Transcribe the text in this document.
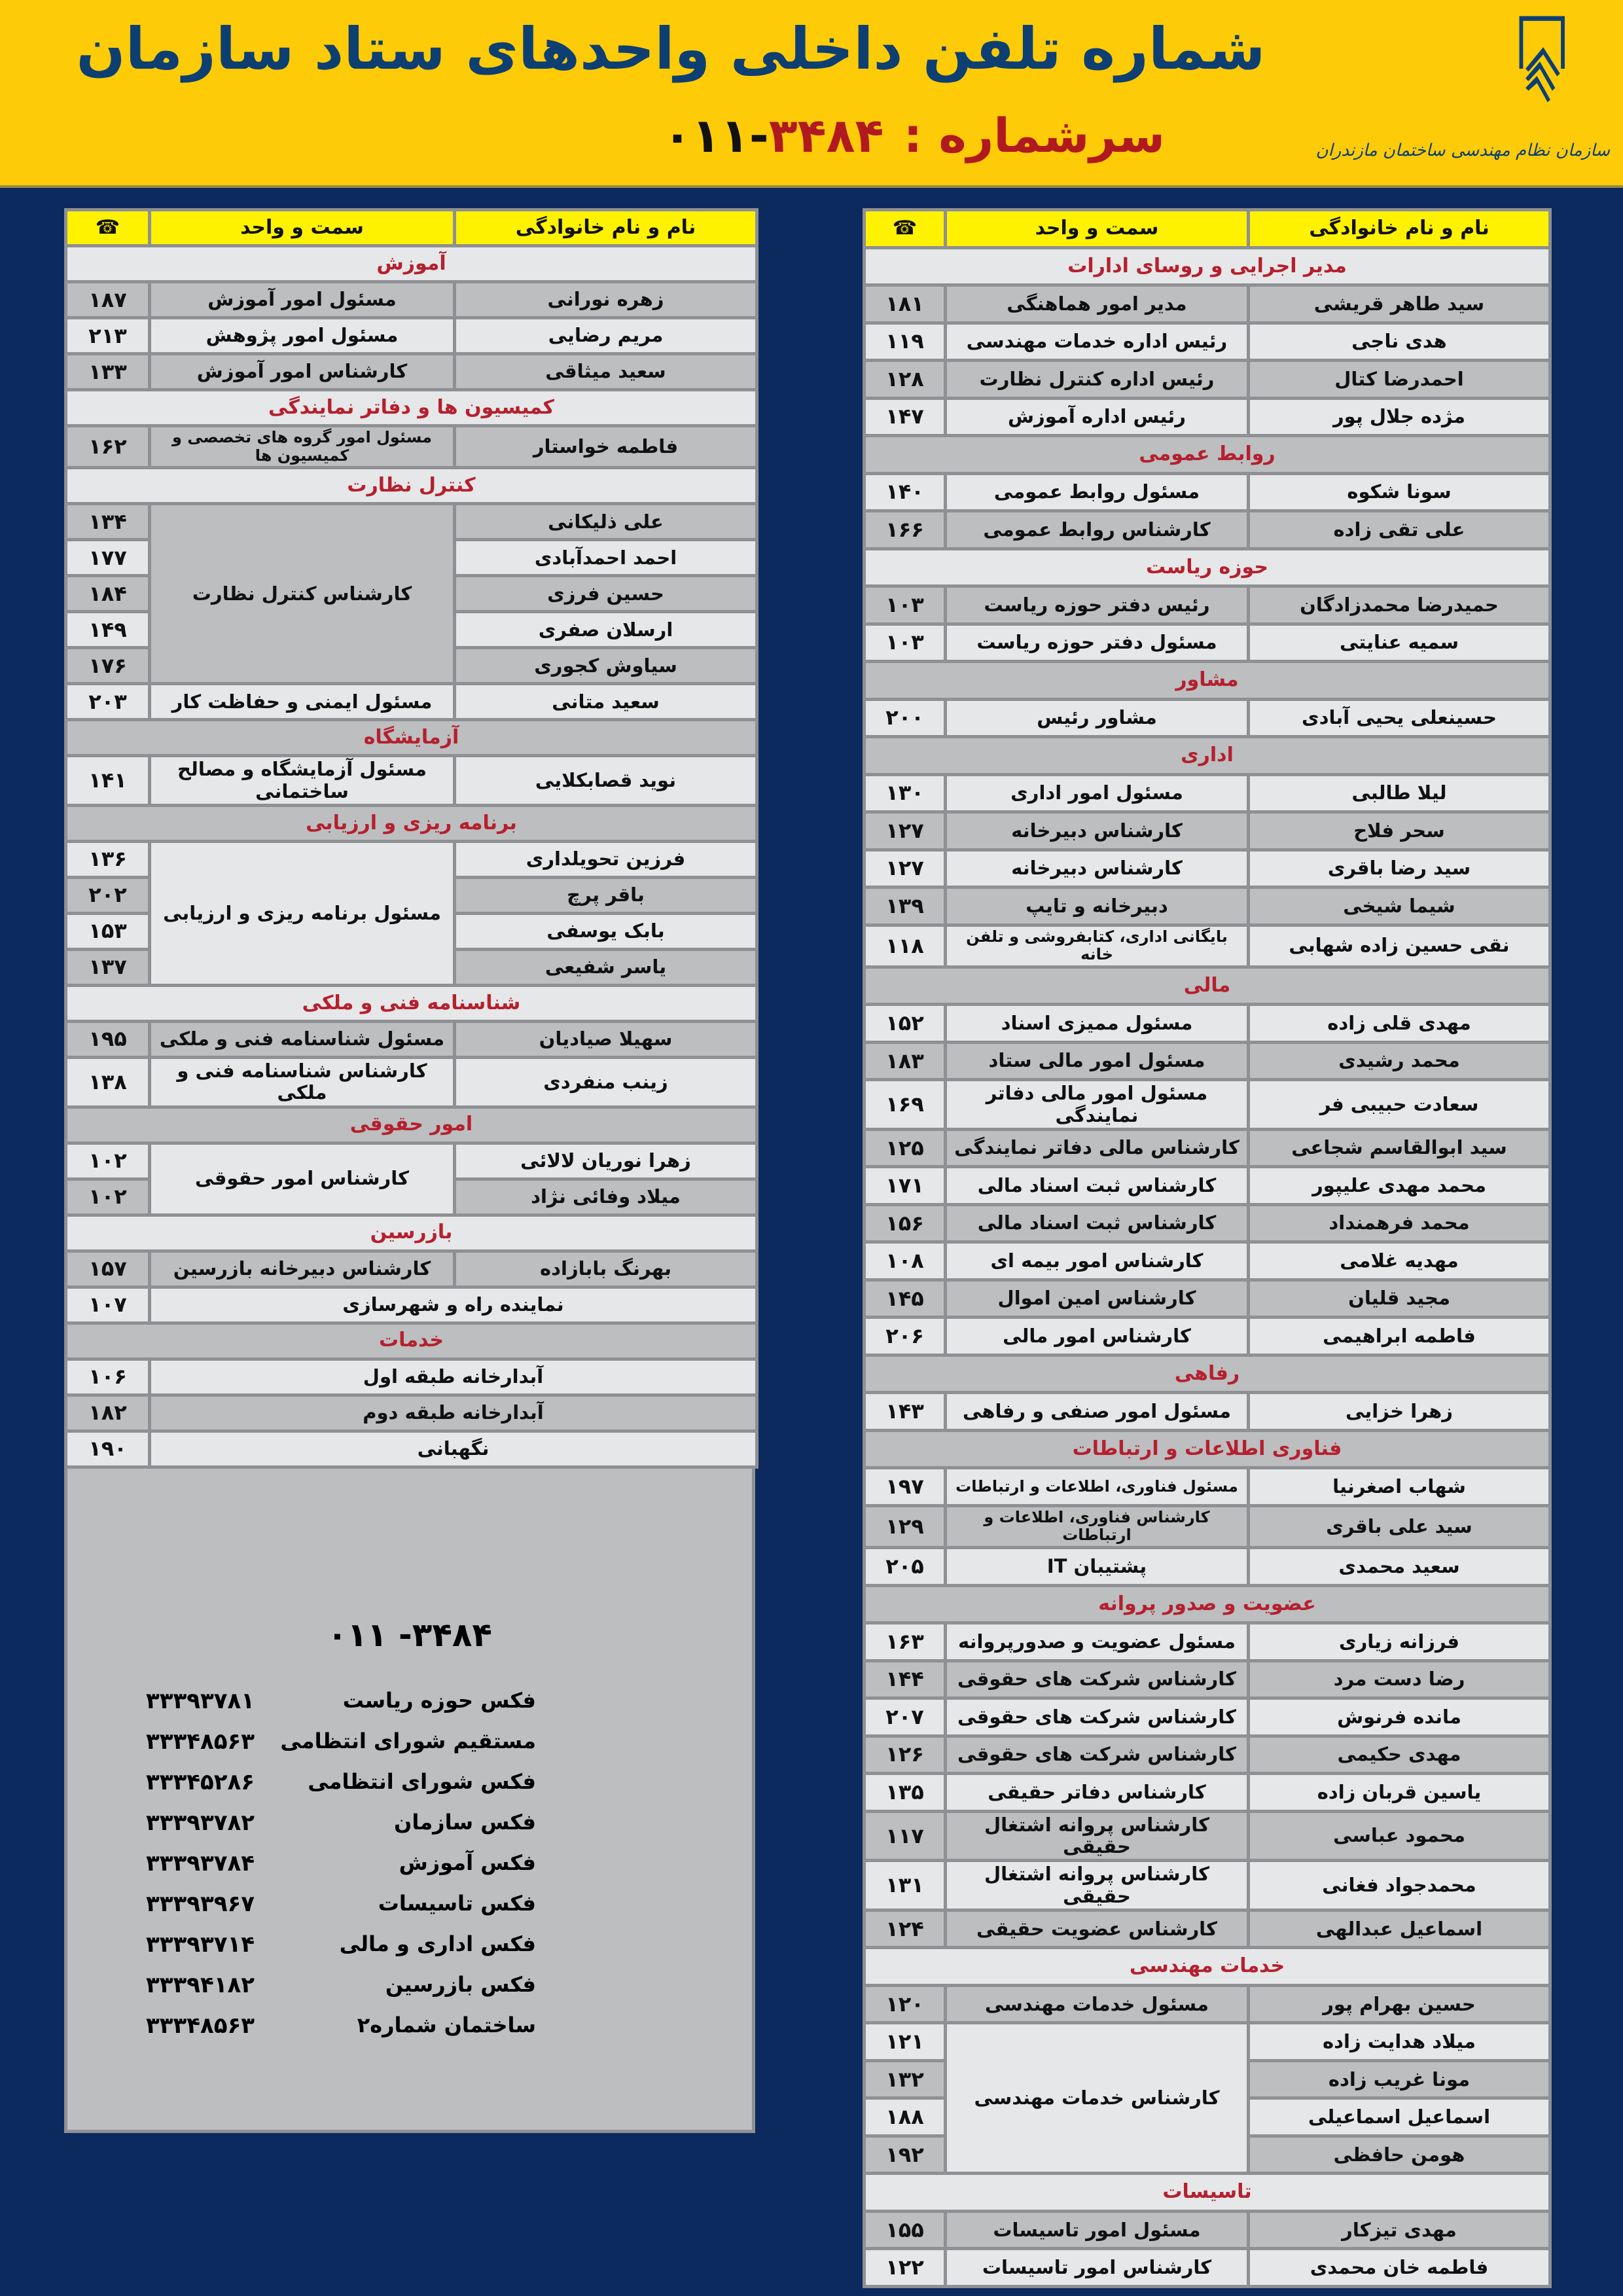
سازمان نظام مهندسی ساختمان مازندران
شماره تلفن داخلی واحدهای ستاد سازمان
سرشماره :
۰۱۱-۳۴۸۴
نام و نام خانوادگی	سمت و واحد	☎
مدیر اجرایی و روسای ادارات
سید طاهر قریشی	مدیر امور هماهنگی	۱۸۱
هدی ناجی	رئیس اداره خدمات مهندسی	۱۱۹
احمدرضا کتال	رئیس اداره کنترل نظارت	۱۲۸
مژده جلال پور	رئیس اداره آموزش	۱۴۷
روابط عمومی
سونا شکوه	مسئول روابط عمومی	۱۴۰
علی تقی زاده	کارشناس روابط عمومی	۱۶۶
حوزه ریاست
حمیدرضا محمدزادگان	رئیس دفتر حوزه ریاست	۱۰۳
سمیه عنایتی	مسئول دفتر حوزه ریاست	۱۰۳
مشاور
حسینعلی یحیی آبادی	مشاور رئیس	۲۰۰
اداری
لیلا طالبی	مسئول امور اداری	۱۳۰
سحر فلاح	کارشناس دبیرخانه	۱۲۷
سید رضا باقری	کارشناس دبیرخانه	۱۲۷
شیما شیخی	دبیرخانه و تایپ	۱۳۹
نقی حسین زاده شهابی	بایگانی اداری، کتابفروشی و تلفن خانه	۱۱۸
مالی
مهدی قلی زاده	مسئول ممیزی اسناد	۱۵۲
محمد رشیدی	مسئول امور مالی ستاد	۱۸۳
سعادت حبیبی فر	مسئول امور مالی دفاتر نمایندگی	۱۶۹
سید ابوالقاسم شجاعی	کارشناس مالی دفاتر نمایندگی	۱۲۵
محمد مهدی علیپور	کارشناس ثبت اسناد مالی	۱۷۱
محمد فرهمنداد	کارشناس ثبت اسناد مالی	۱۵۶
مهدیه غلامی	کارشناس امور بیمه ای	۱۰۸
مجید قلیان	کارشناس امین اموال	۱۴۵
فاطمه ابراهیمی	کارشناس امور مالی	۲۰۶
رفاهی
زهرا خزایی	مسئول امور صنفی و رفاهی	۱۴۳
فناوری اطلاعات و ارتباطات
شهاب اصغرنیا	مسئول فناوری، اطلاعات و ارتباطات	۱۹۷
سید علی باقری	کارشناس فناوری، اطلاعات و ارتباطات	۱۲۹
سعید محمدی	پشتیبان IT	۲۰۵
عضویت و صدور پروانه
فرزانه زیاری	مسئول عضویت و صدورپروانه	۱۶۳
رضا دست مرد	کارشناس شرکت های حقوقی	۱۴۴
مانده فرنوش	کارشناس شرکت های حقوقی	۲۰۷
مهدی حکیمی	کارشناس شرکت های حقوقی	۱۲۶
یاسین قربان زاده	کارشناس دفاتر حقیقی	۱۳۵
محمود عباسی	کارشناس پروانه اشتغال حقیقی	۱۱۷
محمدجواد فغانی	کارشناس پروانه اشتغال حقیقی	۱۳۱
اسماعیل عبدالهی	کارشناس عضویت حقیقی	۱۲۴
خدمات مهندسی
حسین بهرام پور	مسئول خدمات مهندسی	۱۲۰
میلاد هدایت زاده	کارشناس خدمات مهندسی	۱۲۱
مونا غریب زاده	۱۳۲
اسماعیل اسماعیلی	۱۸۸
هومن حافظی	۱۹۲
تاسیسات
مهدی تیزکار	مسئول امور تاسیسات	۱۵۵
فاطمه خان محمدی	کارشناس امور تاسیسات	۱۲۲
نام و نام خانوادگی	سمت و واحد	☎
آموزش
زهره نورانی	مسئول امور آموزش	۱۸۷
مریم رضایی	مسئول امور پژوهش	۲۱۳
سعید میثاقی	کارشناس امور آموزش	۱۳۳
کمیسیون ها و دفاتر نمایندگی
فاطمه خواستار	مسئول امور گروه های تخصصی و کمیسیون ها	۱۶۲
کنترل نظارت
علی ذلیکانی	کارشناس کنترل نظارت	۱۳۴
احمد احمدآبادی	۱۷۷
حسین فرزی	۱۸۴
ارسلان صفری	۱۴۹
سیاوش کجوری	۱۷۶
سعید متانی	مسئول ایمنی و حفاظت کار	۲۰۳
آزمایشگاه
نوید قصابکلایی	مسئول آزمایشگاه و مصالح ساختمانی	۱۴۱
برنامه ریزی و ارزیابی
فرزین تحویلداری	مسئول برنامه ریزی و ارزیابی	۱۳۶
باقر پرچ	۲۰۲
بابک یوسفی	۱۵۳
یاسر شفیعی	۱۳۷
شناسنامه فنی و ملکی
سهیلا صیادیان	مسئول شناسنامه فنی و ملکی	۱۹۵
زینب منفردی	کارشناس شناسنامه فنی و ملکی	۱۳۸
امور حقوقی
زهرا نوریان لالائی	کارشناس امور حقوقی	۱۰۲
میلاد وفائی نژاد	۱۰۲
بازرسین
بهرنگ بابازاده	کارشناس دبیرخانه بازرسین	۱۵۷
نماینده راه و شهرسازی	۱۰۷
خدمات
آبدارخانه طبقه اول	۱۰۶
آبدارخانه طبقه دوم	۱۸۲
نگهبانی	۱۹۰
۰۱۱ -۳۴۸۴
فکس حوزه ریاست
۳۳۳۹۳۷۸۱
مستقیم شورای انتظامی
۳۳۳۴۸۵۶۳
فکس شورای انتظامی
۳۳۳۴۵۲۸۶
فکس سازمان
۳۳۳۹۳۷۸۲
فکس آموزش
۳۳۳۹۳۷۸۴
فکس تاسیسات
۳۳۳۹۳۹۶۷
فکس اداری و مالی
۳۳۳۹۳۷۱۴
فکس بازرسین
۳۳۳۹۴۱۸۲
ساختمان شماره۲
۳۳۳۴۸۵۶۳
